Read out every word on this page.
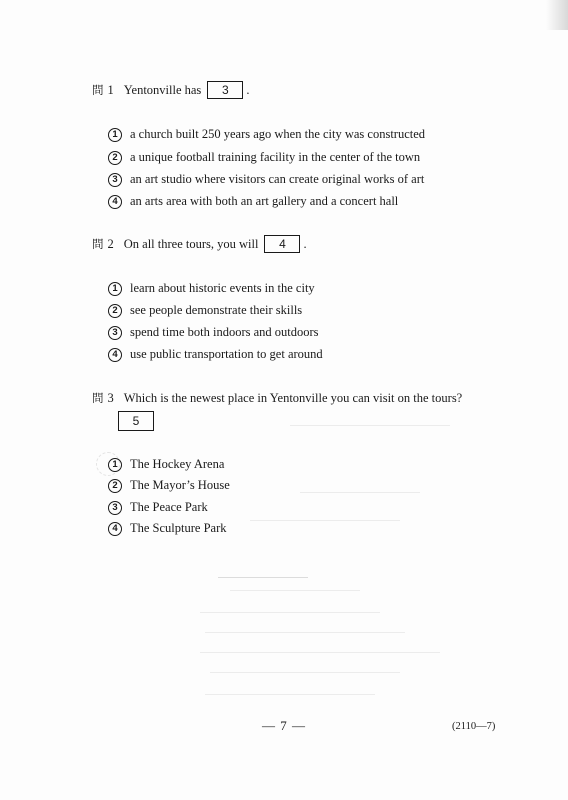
問 1 Yentonville has	3	.
1 a church built 250 years ago when the city was constructed
2 a unique football training facility in the center of the town
3 an art studio where visitors can create original works of art
4 an arts area with both an art gallery and a concert hall
問 2 On all three tours, you will	4	.
1 learn about historic events in the city
2 see people demonstrate their skills
3 spend time both indoors and outdoors
4 use public transportation to get around
問 3 Which is the newest place in Yentonville you can visit on the tours?
5
1 The Hockey Arena
2 The Mayor’s House
3 The Peace Park
4 The Sculpture Park
— 7 —	(2110—7)
